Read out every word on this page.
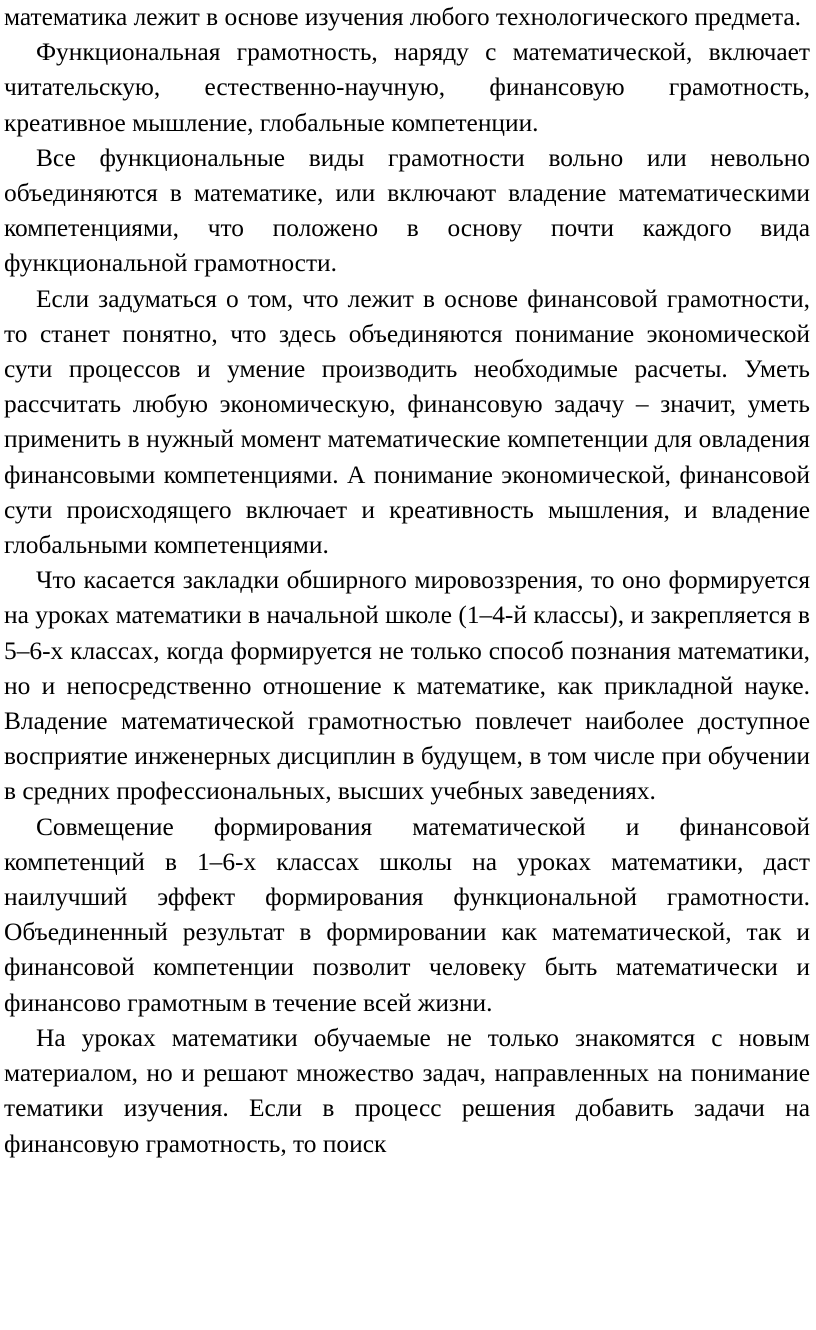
математика лежит в основе изучения любого технологического предмета.

Функциональная грамотность, наряду с математической, включает читательскую, естественно-научную, финансовую грамотность, креативное мышление, глобальные компетенции.

Все функциональные виды грамотности вольно или невольно объединяются в математике, или включают владение математическими компетенциями, что положено в основу почти каждого вида функциональной грамотности.

Если задуматься о том, что лежит в основе финансовой грамотности, то станет понятно, что здесь объединяются понимание экономической сути процессов и умение производить необходимые расчеты. Уметь рассчитать любую экономическую, финансовую задачу – значит, уметь применить в нужный момент математические компетенции для овладения финансовыми компетенциями. А понимание экономической, финансовой сути происходящего включает и креативность мышления, и владение глобальными компетенциями.

Что касается закладки обширного мировоззрения, то оно формируется на уроках математики в начальной школе (1–4-й классы), и закрепляется в 5–6-х классах, когда формируется не только способ познания математики, но и непосредственно отношение к математике, как прикладной науке. Владение математической грамотностью повлечет наиболее доступное восприятие инженерных дисциплин в будущем, в том числе при обучении в средних профессиональных, высших учебных заведениях.

Совмещение формирования математической и финансовой компетенций в 1–6-х классах школы на уроках математики, даст наилучший эффект формирования функциональной грамотности. Объединенный результат в формировании как математической, так и финансовой компетенции позволит человеку быть математически и финансово грамотным в течение всей жизни.

На уроках математики обучаемые не только знакомятся с новым материалом, но и решают множество задач, направленных на понимание тематики изучения. Если в процесс решения добавить задачи на финансовую грамотность, то поиск
